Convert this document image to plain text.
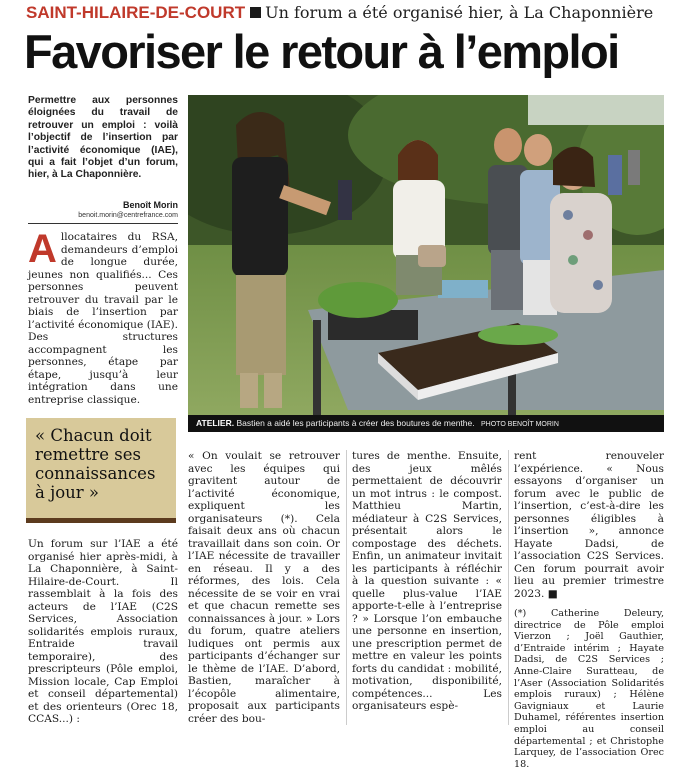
SAINT-HILAIRE-DE-COURT Un forum a été organisé hier, à La Chaponnière
Favoriser le retour à l’emploi
Permettre aux personnes éloignées du travail de retrouver un emploi : voilà l’objectif de l’insertion par l’activité économique (IAE), qui a fait l’objet d’un forum, hier, à La Chaponnière.
Benoît Morin
benoit.morin@centrefrance.com
Allocataires du RSA, demandeurs d’emploi de longue durée, jeunes non qualifiés... Ces personnes peuvent retrouver du travail par le biais de l’insertion par l’activité économique (IAE). Des structures accompagnent les personnes, étape par étape, jusqu’à leur intégration dans une entreprise classique.
« Chacun doit remettre ses connaissances à jour »
ATELIER. Bastien a aidé les participants à créer des boutures de menthe. PHOTO BENOÎT MORIN
Un forum sur l’IAE a été organisé hier après-midi, à La Chaponnière, à Saint-Hilaire-de-Court. Il rassemblait à la fois des acteurs de l’IAE (C2S Services, Association solidarités emplois ruraux, Entraide travail temporaire), des prescripteurs (Pôle emploi, Mission locale, Cap Emploi et conseil départemental) et des orienteurs (Orec 18, CCAS...) :
« On voulait se retrouver avec les équipes qui gravitent autour de l’activité économique, expliquent les organisateurs (*). Cela faisait deux ans où chacun travaillait dans son coin. Or l’IAE nécessite de travailler en réseau. Il y a des réformes, des lois. Cela nécessite de se voir en vrai et que chacun remette ses connaissances à jour. » Lors du forum, quatre ateliers ludiques ont permis aux participants d’échanger sur le thème de l’IAE. D’abord, Bastien, maraîcher à l’écopôle alimentaire, proposait aux participants créer des bou-
tures de menthe. Ensuite, des jeux mêlés permettaient de découvrir un mot intrus : le compost. Matthieu Martin, médiateur à C2S Services, présentait alors le compostage des déchets. Enfin, un animateur invitait les participants à réfléchir à la question suivante : « quelle plus-value l’IAE apporte-t-elle à l’entreprise ? » Lorsque l’on embauche une personne en insertion, une prescription permet de mettre en valeur les points forts du candidat : mobilité, motivation, disponibilité, compétences... Les organisateurs espè-
rent renouveler l’expérience. « Nous essayons d’organiser un forum avec le public de l’insertion, c’est-à-dire les personnes éligibles à l’insertion », annonce Hayate Dadsi, de l’association C2S Services. Cen forum pourrait avoir lieu au premier trimestre 2023. ■
(*) Catherine Deleury, directrice de Pôle emploi Vierzon ; Joël Gauthier, d’Entraide intérim ; Hayate Dadsi, de C2S Services ; Anne-Claire Suratteau, de l’Aser (Association Solidarités emplois ruraux) ; Hélène Gavigniaux et Laurie Duhamel, référentes insertion emploi au conseil départemental ; et Christophe Larquey, de l’association Orec 18.
